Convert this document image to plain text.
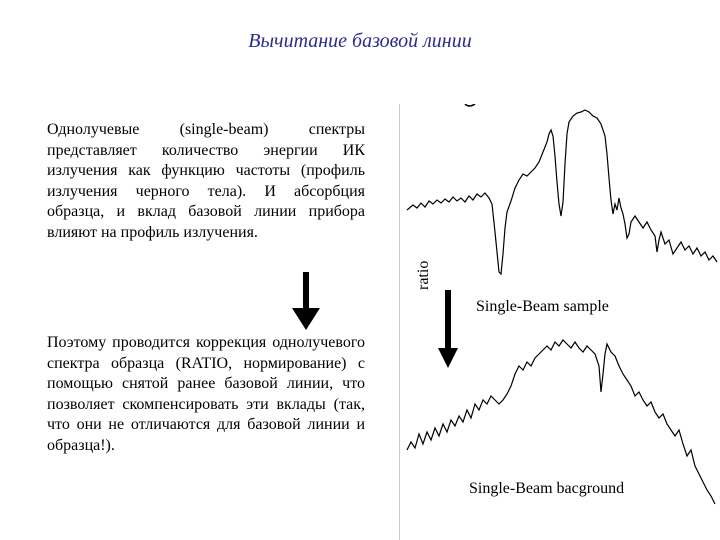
Вычитание базовой линии
Однолучевые (single-beam) спектры представляет количество энергии ИК излучения как функцию частоты (профиль излучения черного тела). И абсорбция образца, и вклад базовой линии прибора влияют на профиль излучения.
Поэтому проводится коррекция однолучевого спектра образца (RATIO, нормирование) с помощью снятой ранее базовой линии, что позволяет скомпенсировать эти вклады (так, что они не отличаются для базовой линии и образца!).
ratio
Single-Beam sample
Single-Beam bacground
